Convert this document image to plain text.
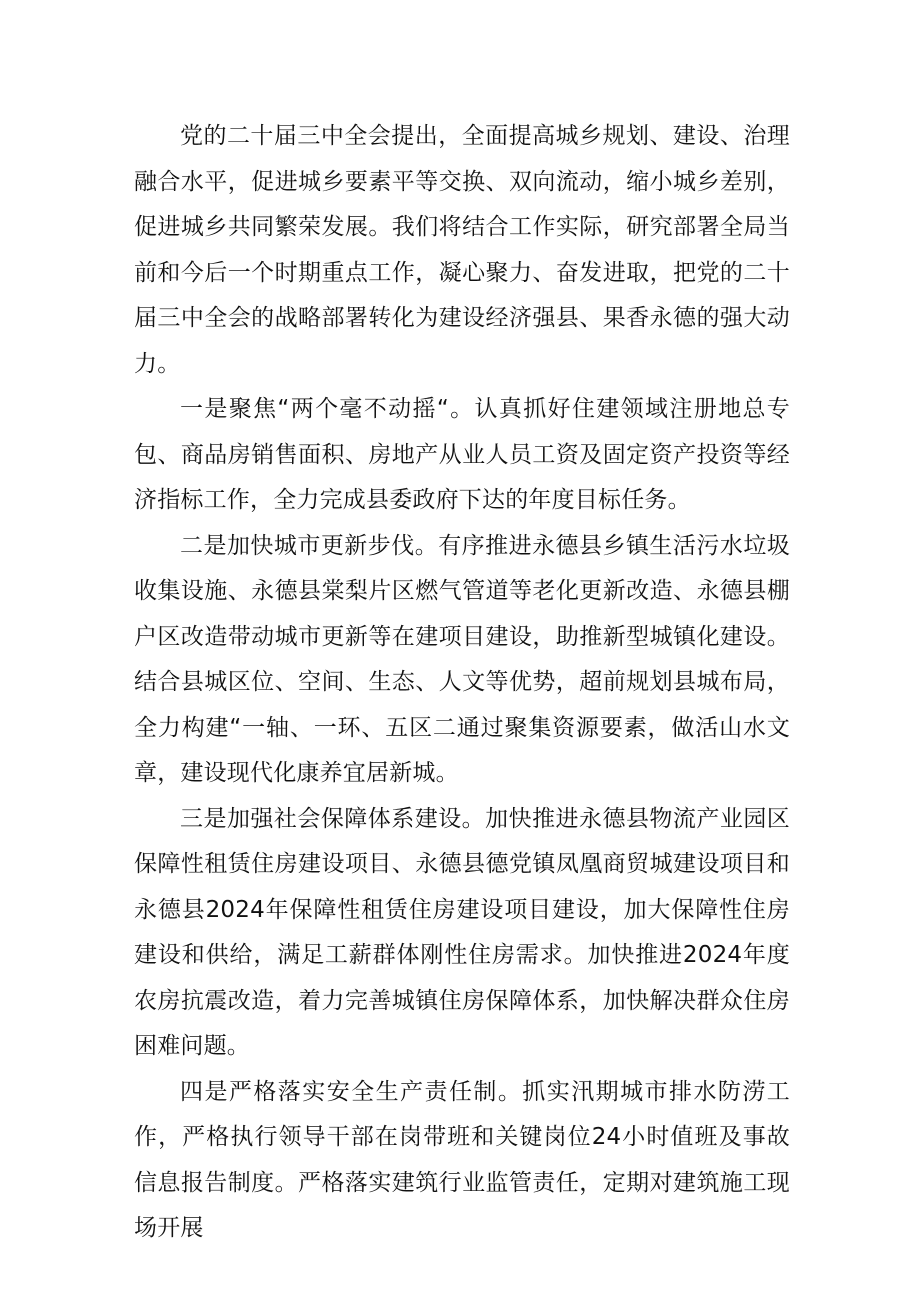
党的二十届三中全会提出，全面提高城乡规划、建设、治理融合水平，促进城乡要素平等交换、双向流动，缩小城乡差别，促进城乡共同繁荣发展。我们将结合工作实际，研究部署全局当前和今后一个时期重点工作，凝心聚力、奋发进取，把党的二十届三中全会的战略部署转化为建设经济强县、果香永德的强大动力。

一是聚焦“两个毫不动摇“。认真抓好住建领域注册地总专包、商品房销售面积、房地产从业人员工资及固定资产投资等经济指标工作，全力完成县委政府下达的年度目标任务。

二是加快城市更新步伐。有序推进永德县乡镇生活污水垃圾收集设施、永德县棠梨片区燃气管道等老化更新改造、永德县棚户区改造带动城市更新等在建项目建设，助推新型城镇化建设。结合县城区位、空间、生态、人文等优势，超前规划县城布局，全力构建“一轴、一环、五区二通过聚集资源要素，做活山水文章，建设现代化康养宜居新城。

三是加强社会保障体系建设。加快推进永德县物流产业园区保障性租赁住房建设项目、永德县德党镇凤凰商贸城建设项目和永德县2024年保障性租赁住房建设项目建设，加大保障性住房建设和供给，满足工薪群体刚性住房需求。加快推进2024年度农房抗震改造，着力完善城镇住房保障体系，加快解决群众住房困难问题。

四是严格落实安全生产责任制。抓实汛期城市排水防涝工作，严格执行领导干部在岗带班和关键岗位24小时值班及事故信息报告制度。严格落实建筑行业监管责任，定期对建筑施工现场开展
